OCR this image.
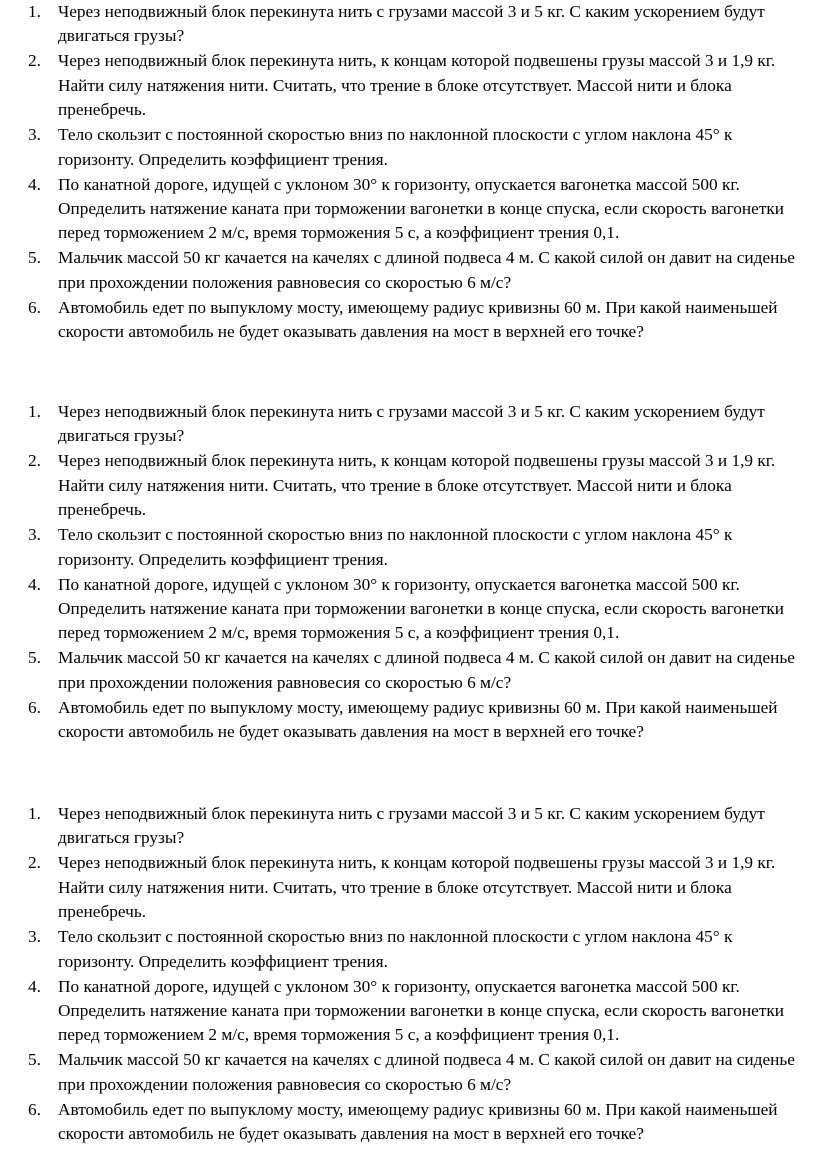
1. Через неподвижный блок перекинута нить с грузами массой 3 и 5 кг. С каким ускорением будут двигаться грузы?
2. Через неподвижный блок перекинута нить, к концам которой подвешены грузы массой 3 и 1,9 кг. Найти силу натяжения нити. Считать, что трение в блоке отсутствует. Массой нити и блока пренебречь.
3. Тело скользит с постоянной скоростью вниз по наклонной плоскости с углом наклона 45° к горизонту. Определить коэффициент трения.
4. По канатной дороге, идущей с уклоном 30° к горизонту, опускается вагонетка массой 500 кг. Определить натяжение каната при торможении вагонетки в конце спуска, если скорость вагонетки перед торможением 2 м/с, время торможения 5 с, а коэффициент трения 0,1.
5. Мальчик массой 50 кг качается на качелях с длиной подвеса 4 м. С какой силой он давит на сиденье при прохождении положения равновесия со скоростью 6 м/с?
6. Автомобиль едет по выпуклому мосту, имеющему радиус кривизны 60 м. При какой наименьшей скорости автомобиль не будет оказывать давления на мост в верхней его точке?
1. Через неподвижный блок перекинута нить с грузами массой 3 и 5 кг. С каким ускорением будут двигаться грузы?
2. Через неподвижный блок перекинута нить, к концам которой подвешены грузы массой 3 и 1,9 кг. Найти силу натяжения нити. Считать, что трение в блоке отсутствует. Массой нити и блока пренебречь.
3. Тело скользит с постоянной скоростью вниз по наклонной плоскости с углом наклона 45° к горизонту. Определить коэффициент трения.
4. По канатной дороге, идущей с уклоном 30° к горизонту, опускается вагонетка массой 500 кг. Определить натяжение каната при торможении вагонетки в конце спуска, если скорость вагонетки перед торможением 2 м/с, время торможения 5 с, а коэффициент трения 0,1.
5. Мальчик массой 50 кг качается на качелях с длиной подвеса 4 м. С какой силой он давит на сиденье при прохождении положения равновесия со скоростью 6 м/с?
6. Автомобиль едет по выпуклому мосту, имеющему радиус кривизны 60 м. При какой наименьшей скорости автомобиль не будет оказывать давления на мост в верхней его точке?
1. Через неподвижный блок перекинута нить с грузами массой 3 и 5 кг. С каким ускорением будут двигаться грузы?
2. Через неподвижный блок перекинута нить, к концам которой подвешены грузы массой 3 и 1,9 кг. Найти силу натяжения нити. Считать, что трение в блоке отсутствует. Массой нити и блока пренебречь.
3. Тело скользит с постоянной скоростью вниз по наклонной плоскости с углом наклона 45° к горизонту. Определить коэффициент трения.
4. По канатной дороге, идущей с уклоном 30° к горизонту, опускается вагонетка массой 500 кг. Определить натяжение каната при торможении вагонетки в конце спуска, если скорость вагонетки перед торможением 2 м/с, время торможения 5 с, а коэффициент трения 0,1.
5. Мальчик массой 50 кг качается на качелях с длиной подвеса 4 м. С какой силой он давит на сиденье при прохождении положения равновесия со скоростью 6 м/с?
6. Автомобиль едет по выпуклому мосту, имеющему радиус кривизны 60 м. При какой наименьшей скорости автомобиль не будет оказывать давления на мост в верхней его точке?
